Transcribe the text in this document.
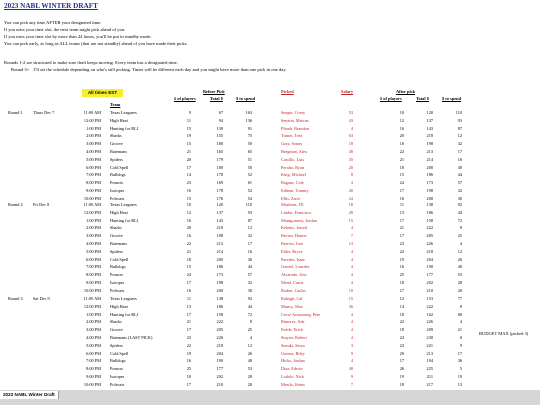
2023 NABL WINTER DRAFT
You can pick any time AFTER your designated time.
If you miss your time slot, the next team might pick ahead of you.
If you miss your time slot by more than 24 hours, you'll be put in standby mode.
You can pick early, as long as ALL teams (that are not standby) ahead of you have made their picks.
Rounds 1-2 are structured to make sure draft keeps moving. Every team has a designated time.
Round 3+ I'll set the schedule depending on who's still picking. Times will be different each day and you might have more than one pick in one day.
All times EST	Before Pick	Picked	Salary	After pick
Team
# of players	Total $	$ to spend	# of players	Total $	$ to spend
Round 1 Thurs Dec 7	11:00 AM Texas Leaguers	9	67	163	Seager, Corey	53	10	120	110
12:00 PM High Heat	11	94	136	Senzon, Marcus	43	12	137	93
1:00 PM Hunting for RLJ	15	139	91	Pfeadt, Brandon	4	16	143	87
2:00 PM Sharks	19	155	75	Turner, Trea	63	20	218	12
3:00 PM Groove	15	180	50	Gray, Sonny	18	16	198	32
4:00 PM Batemans	21	165	65	Bregman, Alex	48	22	213	17
5:00 PM Spiders	20	179	51	Castillo, Luis	35	21	214	16
6:00 PM Cold Spell	17	180	50	Peralta, Ryan	20	18	200	30
7:00 PM Bulldogs	14	178	52	King, Michael	8	15	186	44
8:00 PM Ponson	23	169	61	Bagans, Cole	4	24	173	57
9:00 PM Isotopes	16	178	52	Edman, Tommy	20	17	198	32
10:00 PM Polecats	15	176	54	Ellis, Zach	24	16	200	30
Round 2 Fri Dec 8	11:00 AM Texas Leaguers	10	120	110	Martinez, JD	18	11	138	92
12:00 PM High Heat	12	137	93	Lindor, Francisco	49	13	186	44
1:00 PM Hunting for RLJ	16	143	87	Montgomery, Jordan	15	17	158	72
2:00 PM Sharks	20	218	12	Kelenic, Jarred	4	21	222	8
3:00 PM Groove	16	198	32	Brown, Hunter	7	17	205	25
4:00 PM Batemans	22	213	17	Berrios, Jose	13	23	226	4
5:00 PM Spiders	21	214	16	Ehler, Bryce	4	22	218	12
6:00 PM Cold Spell	18	200	30	Paredes, Isaac	4	19	204	26
7:00 PM Bulldogs	15	186	44	Garriel, Lourdes	4	16	190	40
8:00 PM Ponson	24	173	57	Alvarado, Jose	4	25	177	53
9:00 PM Isotopes	17	198	32	Mead, Curtis	4	18	202	28
10:00 PM Polecats	16	200	30	Rodon, Carlos	10	17	210	20
Round 3 Sat Dec 9	11:00 AM Texas Leaguers	11	138	92	Raleigh, Cal	15	12	153	77
12:00 PM High Heat	13	186	44	Muncy, Max	36	14	222	8
1:00 PM Hunting for RLJ	17	158	72	Crow-Armstrong, Pete	4	18	162	68
2:00 PM Sharks	21	222	8	Rimeres, Ada	4	22	226	4
3:00 PM Groove	17	205	25	Fedde, Erick	4	18	209	21
4:00 PM Batemans (LAST PICK)	23	226	4	Stayter, Robert	4	24	230	0
5:00 PM Spiders	22	218	12	Suzuki, Seiya	3	23	221	9
6:00 PM Cold Spell	19	204	26	Greene, Riley	9	20	213	17
7:00 PM Bulldogs	16	190	40	Hicks, Jordan	4	17	194	36
8:00 PM Ponson	25	177	53	Diaz, Edwin	48	26	225	5
9:00 PM Isotopes	18	202	28	Lodolo, Nick	9	19	211	19
10:00 PM Polecats	17	210	20	Mesilo, Keim	7	18	217	13
BUDGET MAX (picked 3)
2023 NABL Winter Draft
